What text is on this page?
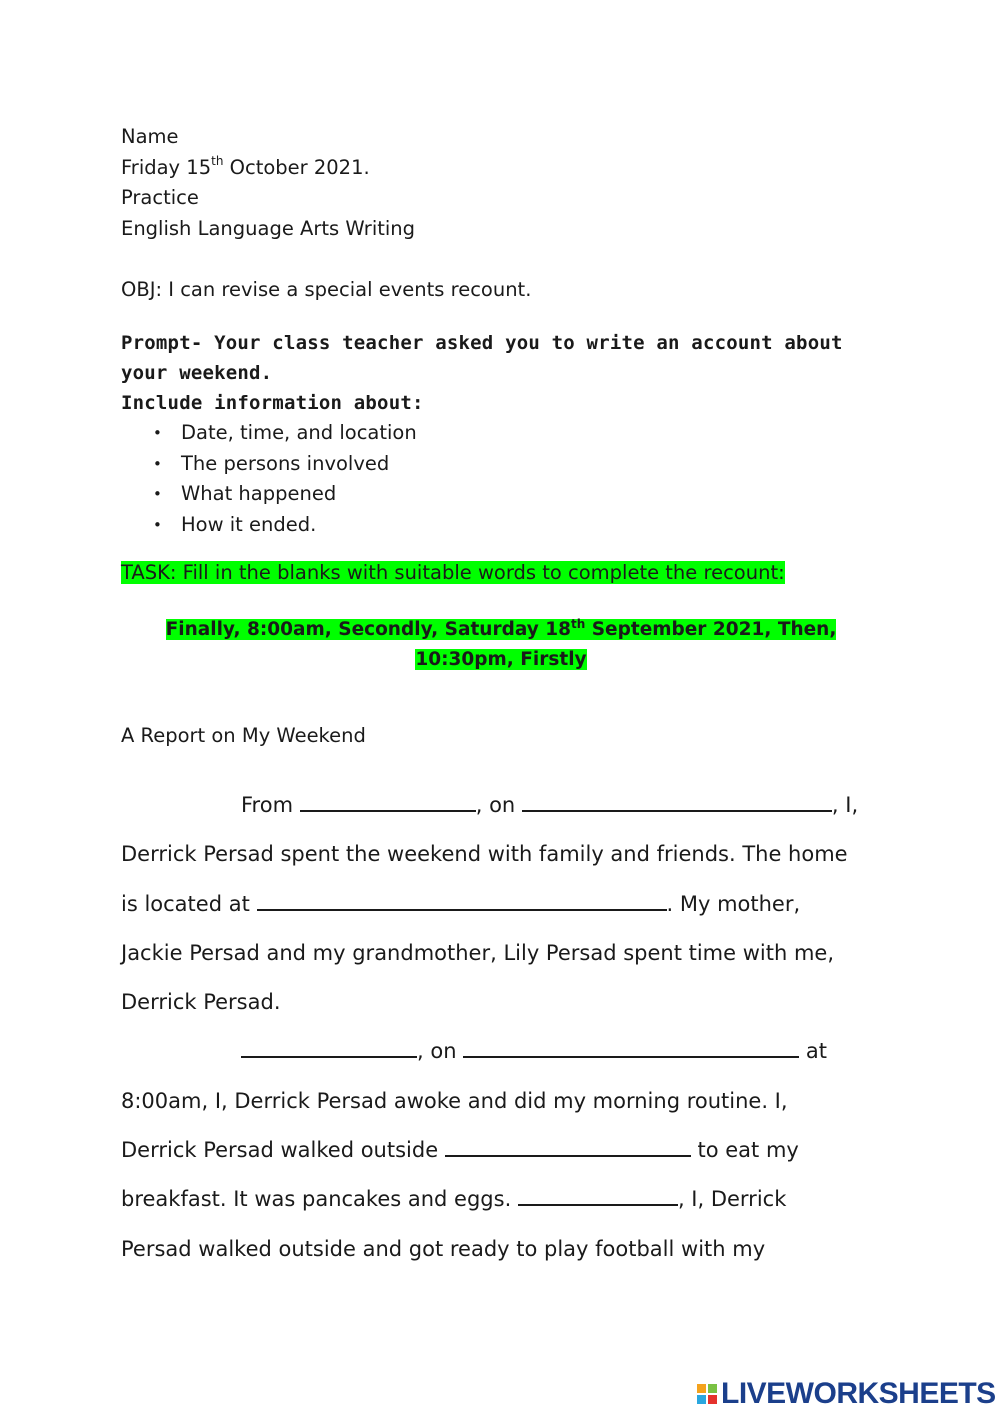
Name
Friday 15th October 2021.
Practice
English Language Arts Writing
OBJ: I can revise a special events recount.
Prompt- Your class teacher asked you to write an account about your weekend.
Include information about:
• Date, time, and location
• The persons involved
• What happened
• How it ended.
TASK: Fill in the blanks with suitable words to complete the recount:
Finally, 8:00am, Secondly, Saturday 18th September 2021, Then,
10:30pm, Firstly
A Report on My Weekend
From	, on	, I,
Derrick Persad spent the weekend with family and friends. The home
is located at	. My mother,
Jackie Persad and my grandmother, Lily Persad spent time with me,
Derrick Persad.
, on	at
8:00am, I, Derrick Persad awoke and did my morning routine. I,
Derrick Persad walked outside	to eat my
breakfast. It was pancakes and eggs.	, I, Derrick
Persad walked outside and got ready to play football with my
LIVEWORKSHEETS
